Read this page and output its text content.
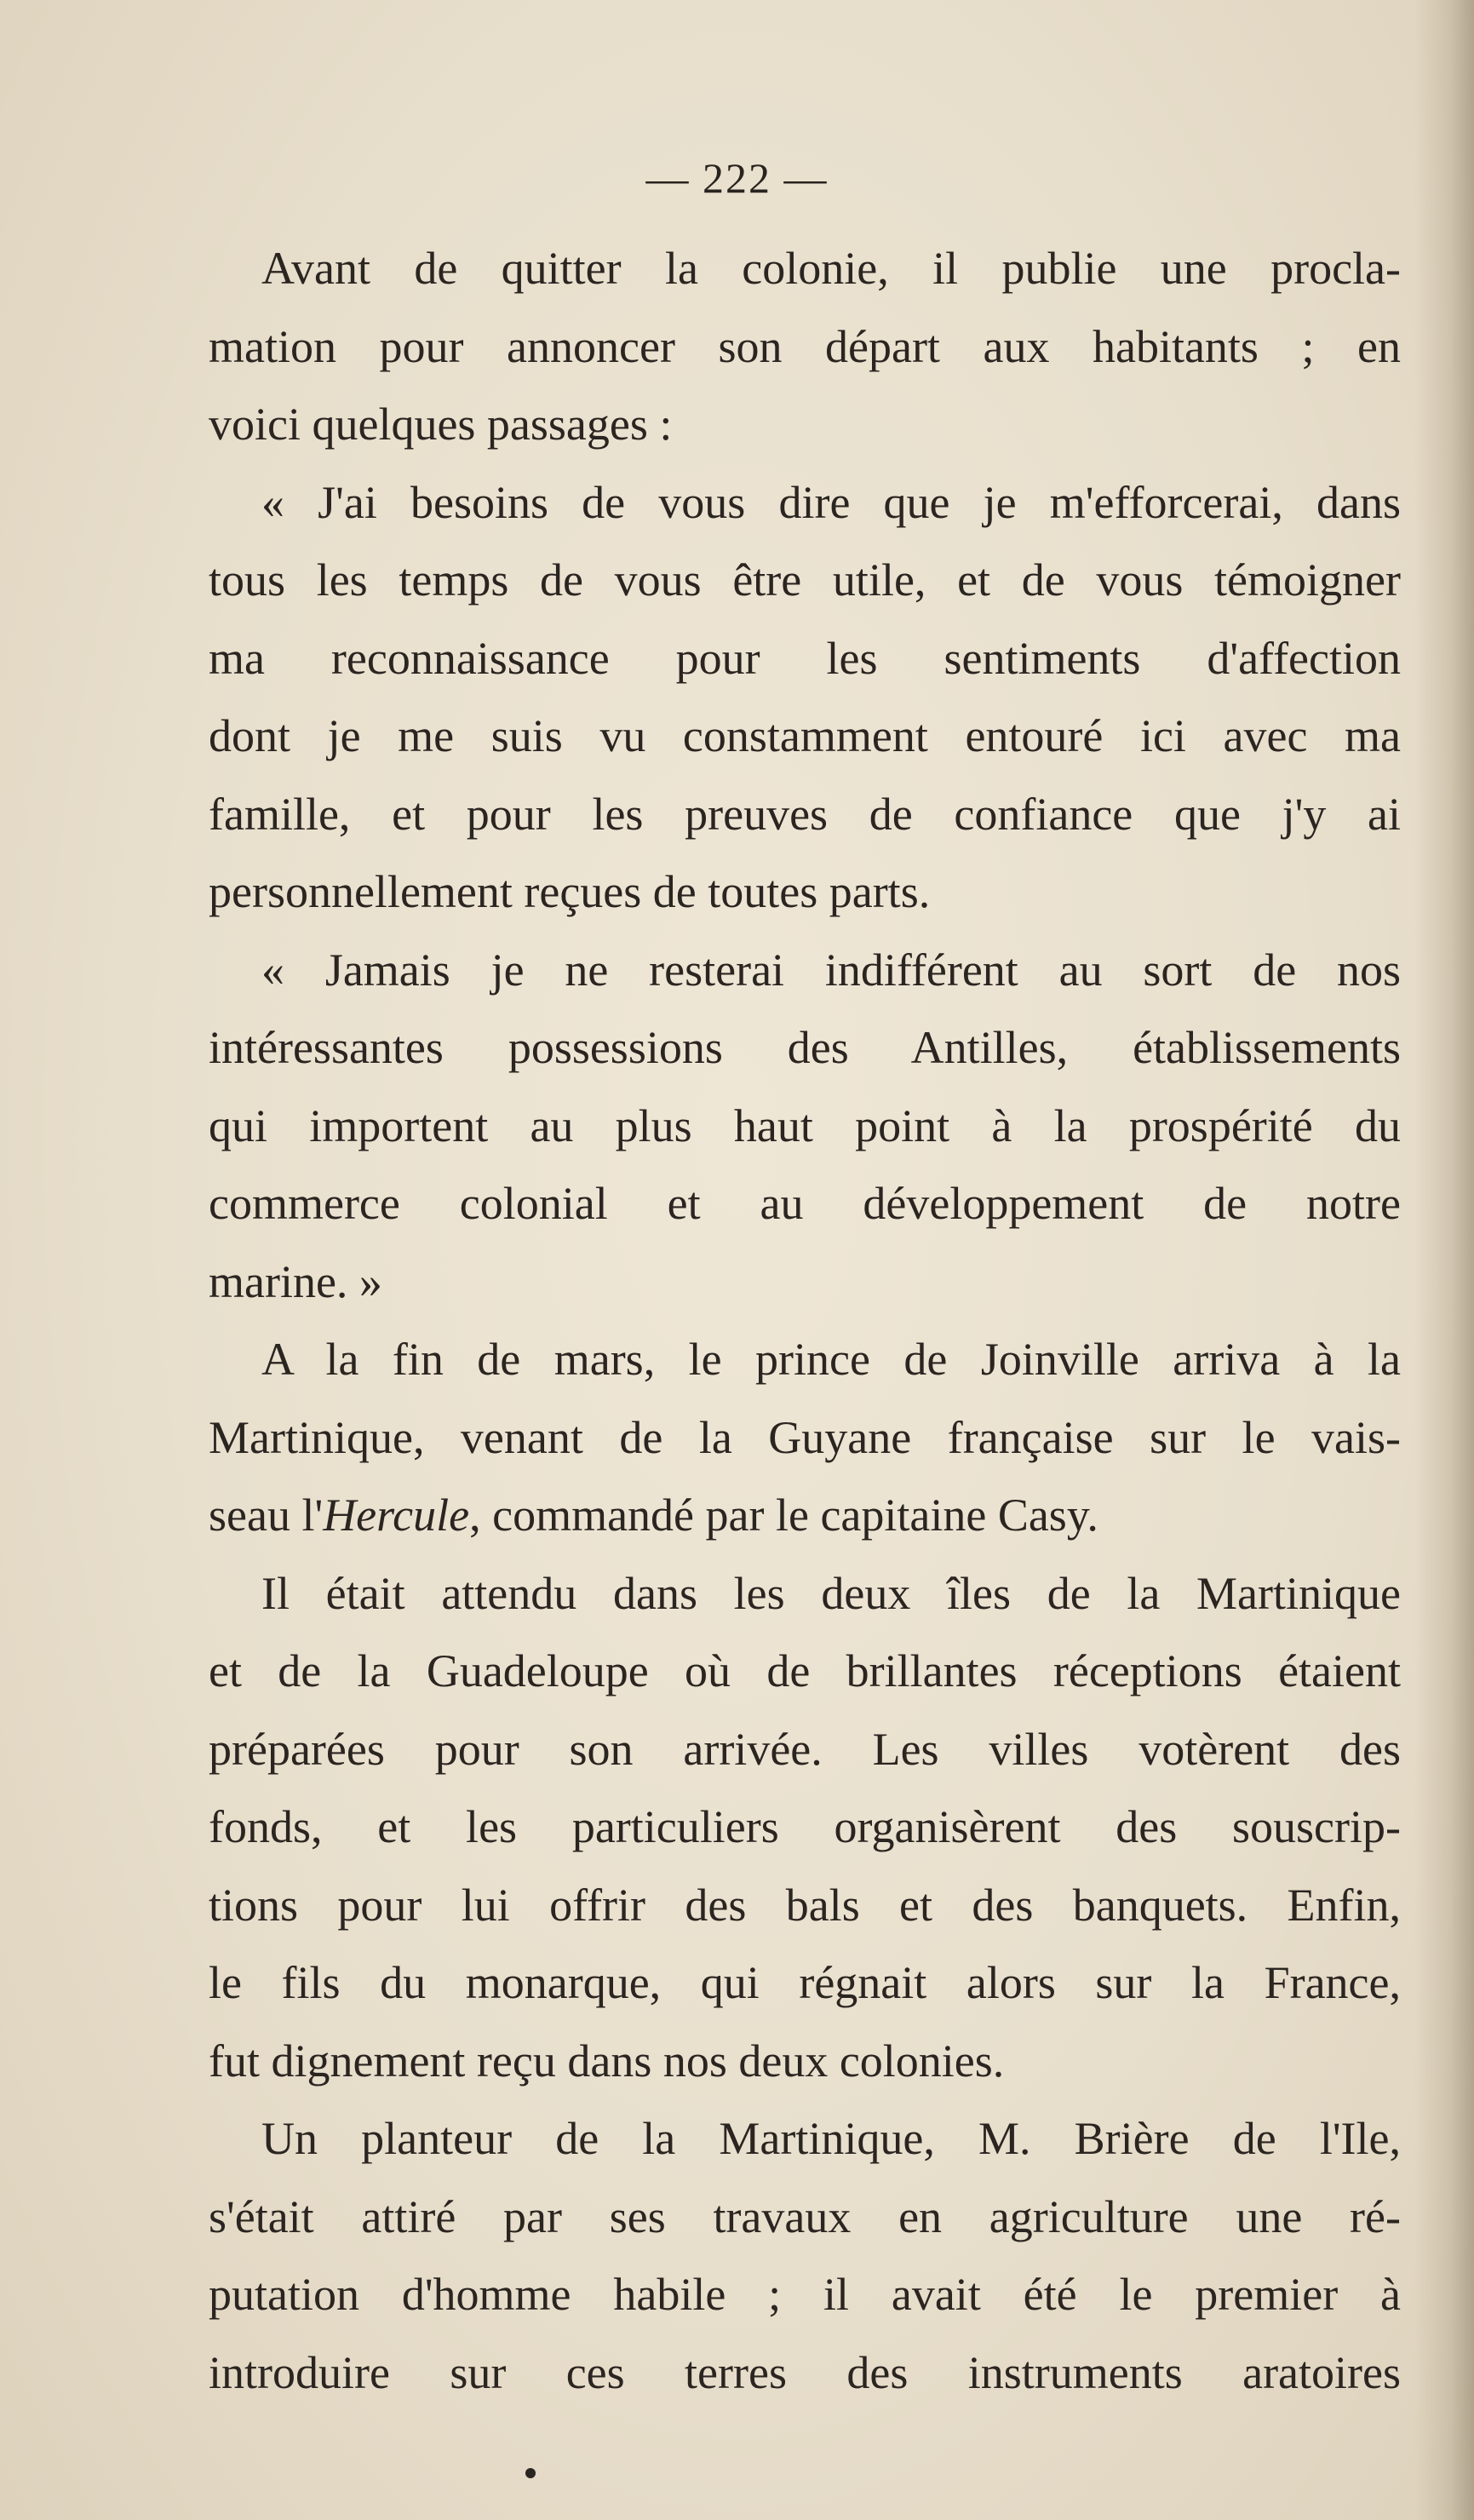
— 222 —
Avant de quitter la colonie, il publie une procla-
mation pour annoncer son départ aux habitants ; en
voici quelques passages :
« J'ai besoins de vous dire que je m'efforcerai, dans
tous les temps de vous être utile, et de vous témoigner
ma reconnaissance pour les sentiments d'affection
dont je me suis vu constamment entouré ici avec ma
famille, et pour les preuves de confiance que j'y ai
personnellement reçues de toutes parts.
« Jamais je ne resterai indifférent au sort de nos
intéressantes possessions des Antilles, établissements
qui importent au plus haut point à la prospérité du
commerce colonial et au développement de notre
marine. »
A la fin de mars, le prince de Joinville arriva à la
Martinique, venant de la Guyane française sur le vais-
seau l'Hercule, commandé par le capitaine Casy.
Il était attendu dans les deux îles de la Martinique
et de la Guadeloupe où de brillantes réceptions étaient
préparées pour son arrivée. Les villes votèrent des
fonds, et les particuliers organisèrent des souscrip-
tions pour lui offrir des bals et des banquets. Enfin,
le fils du monarque, qui régnait alors sur la France,
fut dignement reçu dans nos deux colonies.
Un planteur de la Martinique, M. Brière de l'Ile,
s'était attiré par ses travaux en agriculture une ré-
putation d'homme habile ; il avait été le premier à
introduire sur ces terres des instruments aratoires
